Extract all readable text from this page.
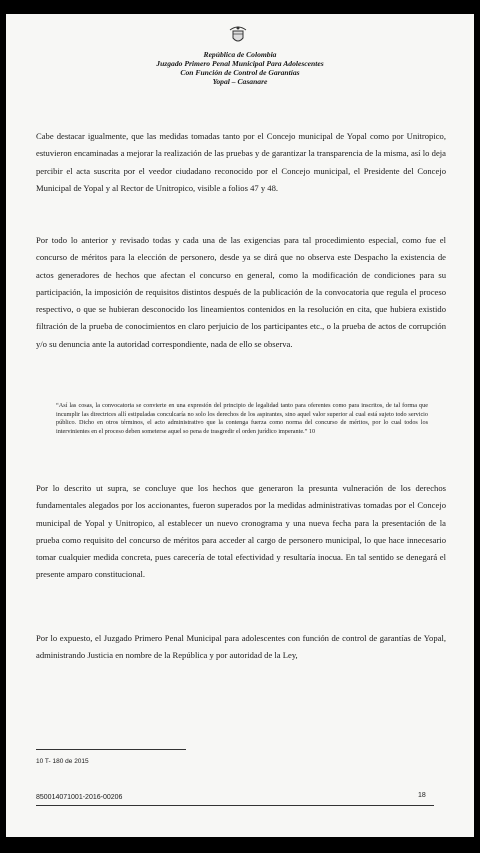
República de Colombia
Juzgado Primero Penal Municipal Para Adolescentes
Con Función de Control de Garantías
Yopal – Casanare

Cabe destacar igualmente, que las medidas tomadas tanto por el Concejo municipal de Yopal como por Unitropico, estuvieron encaminadas a mejorar la realización de las pruebas y de garantizar la transparencia de la misma, así lo deja percibir el acta suscrita por el veedor ciudadano reconocido por el Concejo municipal, el Presidente del Concejo Municipal de Yopal y al Rector de Unitropico, visible a folios 47 y 48.

Por todo lo anterior y revisado todas y cada una de las exigencias para tal procedimiento especial, como fue el concurso de méritos para la elección de personero, desde ya se dirá que no observa este Despacho la existencia de actos generadores de hechos que afectan el concurso en general, como la modificación de condiciones para su participación, la imposición de requisitos distintos después de la publicación de la convocatoria que regula el proceso respectivo, o que se hubieran desconocido los lineamientos contenidos en la resolución en cita, que hubiera existido filtración de la prueba de conocimientos en claro perjuicio de los participantes etc., o la prueba de actos de corrupción y/o su denuncia ante la autoridad correspondiente, nada de ello se observa.

“Así las cosas, la convocatoria se convierte en una expresión del principio de legalidad tanto para oferentes como para inscritos, de tal forma que incumplir las directrices allí estipuladas conculcaría no solo los derechos de los aspirantes, sino aquel valor superior al cual está sujeto todo servicio público. Dicho en otros términos, el acto administrativo que la contenga fuerza como norma del concurso de méritos, por lo cual todos los intervinientes en el proceso deben someterse aquel so pena de trasgredir el orden jurídico imperante.” 10

Por lo descrito ut supra, se concluye que los hechos que generaron la presunta vulneración de los derechos fundamentales alegados por los accionantes, fueron superados por la medidas administrativas tomadas por el Concejo municipal de Yopal y Unitropico, al establecer un nuevo cronograma y una nueva fecha para la presentación de la prueba como requisito del concurso de méritos para acceder al cargo de personero municipal, lo que hace innecesario tomar cualquier medida concreta, pues carecería de total efectividad y resultaría inocua. En tal sentido se denegará el presente amparo constitucional.

Por lo expuesto, el Juzgado Primero Penal Municipal para adolescentes con función de control de garantías de Yopal, administrando Justicia en nombre de la República y por autoridad de la Ley,

10 T- 180 de 2015
18
850014071001-2016-00206
